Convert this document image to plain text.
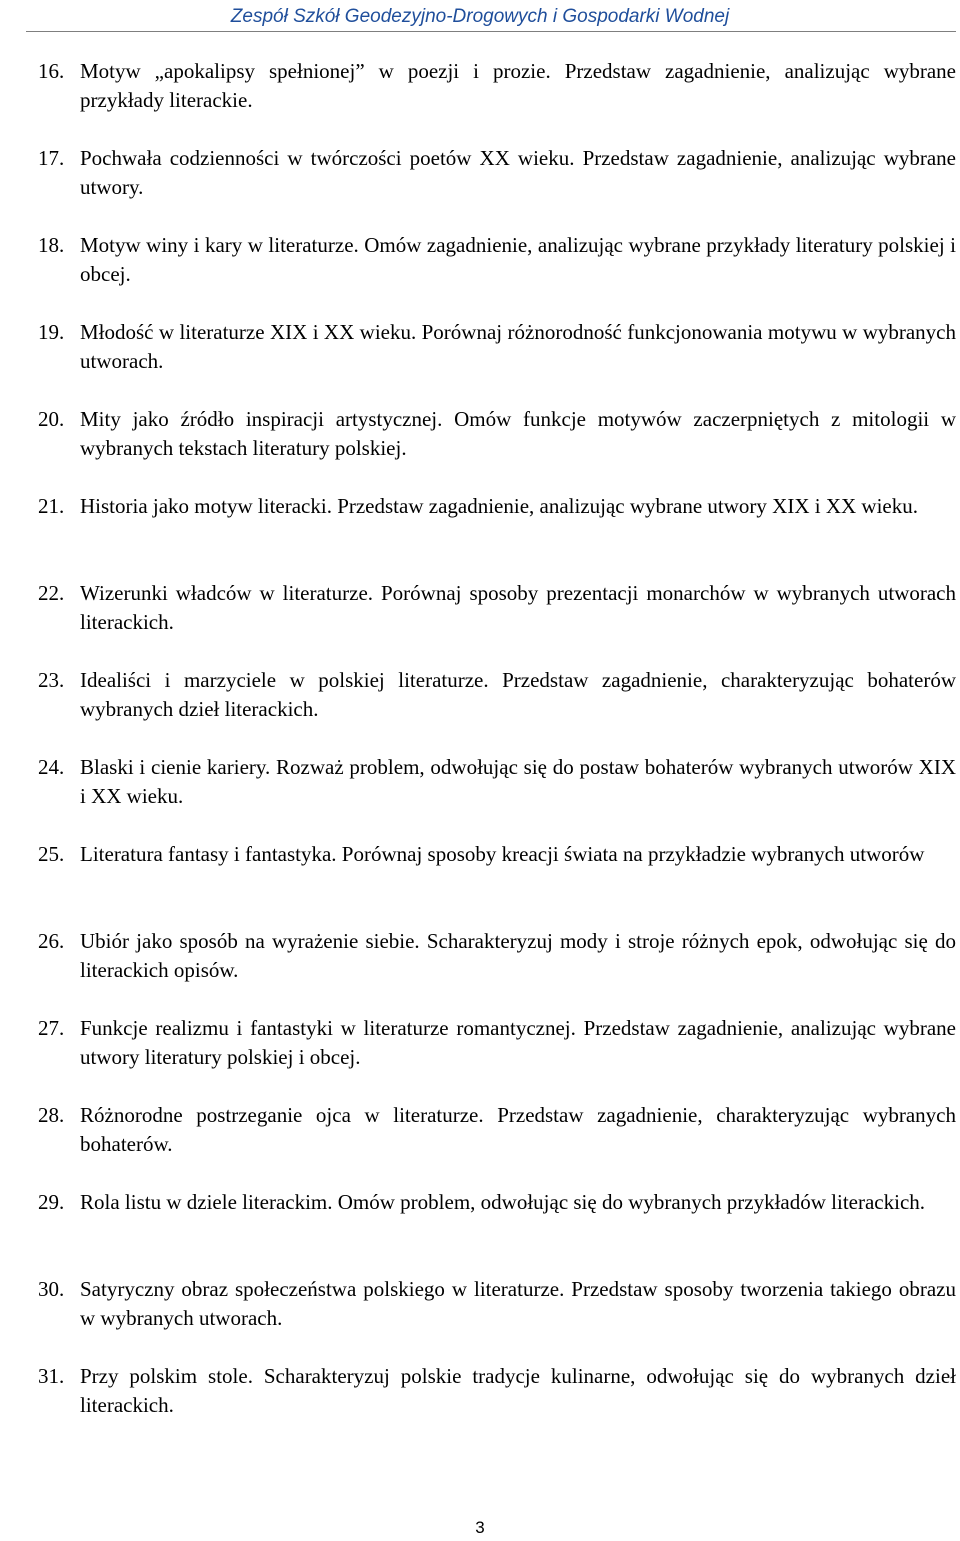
Zespół Szkół Geodezyjno-Drogowych i Gospodarki Wodnej
16. Motyw „apokalipsy spełnionej” w poezji i prozie. Przedstaw zagadnienie, analizując wybrane przykłady literackie.
17. Pochwała codzienności w twórczości poetów XX wieku. Przedstaw zagadnienie, analizując wybrane utwory.
18. Motyw winy i kary w literaturze. Omów zagadnienie, analizując wybrane przykłady literatury polskiej i obcej.
19. Młodość w literaturze XIX i XX wieku. Porównaj różnorodność funkcjonowania motywu w wybranych utworach.
20. Mity jako źródło inspiracji artystycznej. Omów funkcje motywów zaczerpniętych z mitologii w wybranych tekstach literatury polskiej.
21. Historia jako motyw literacki. Przedstaw zagadnienie, analizując wybrane utwory XIX i XX wieku.
22. Wizerunki władców w literaturze. Porównaj sposoby prezentacji monarchów w wybranych utworach literackich.
23. Idealiści i marzyciele w polskiej literaturze. Przedstaw zagadnienie, charakteryzując bohaterów wybranych dzieł literackich.
24. Blaski i cienie kariery. Rozważ problem, odwołując się do postaw bohaterów wybranych utworów XIX i XX wieku.
25. Literatura fantasy i fantastyka. Porównaj sposoby kreacji świata na przykładzie wybranych utworów
26. Ubiór jako sposób na wyrażenie siebie. Scharakteryzuj mody i stroje różnych epok, odwołując się do literackich opisów.
27. Funkcje realizmu i fantastyki w literaturze romantycznej. Przedstaw zagadnienie, analizując wybrane utwory literatury polskiej i obcej.
28. Różnorodne postrzeganie ojca w literaturze. Przedstaw zagadnienie, charakteryzując wybranych bohaterów.
29. Rola listu w dziele literackim. Omów problem, odwołując się do wybranych przykładów literackich.
30. Satyryczny obraz społeczeństwa polskiego w literaturze. Przedstaw sposoby tworzenia takiego obrazu w wybranych utworach.
31. Przy polskim stole. Scharakteryzuj polskie tradycje kulinarne, odwołując się do wybranych dzieł literackich.
3
